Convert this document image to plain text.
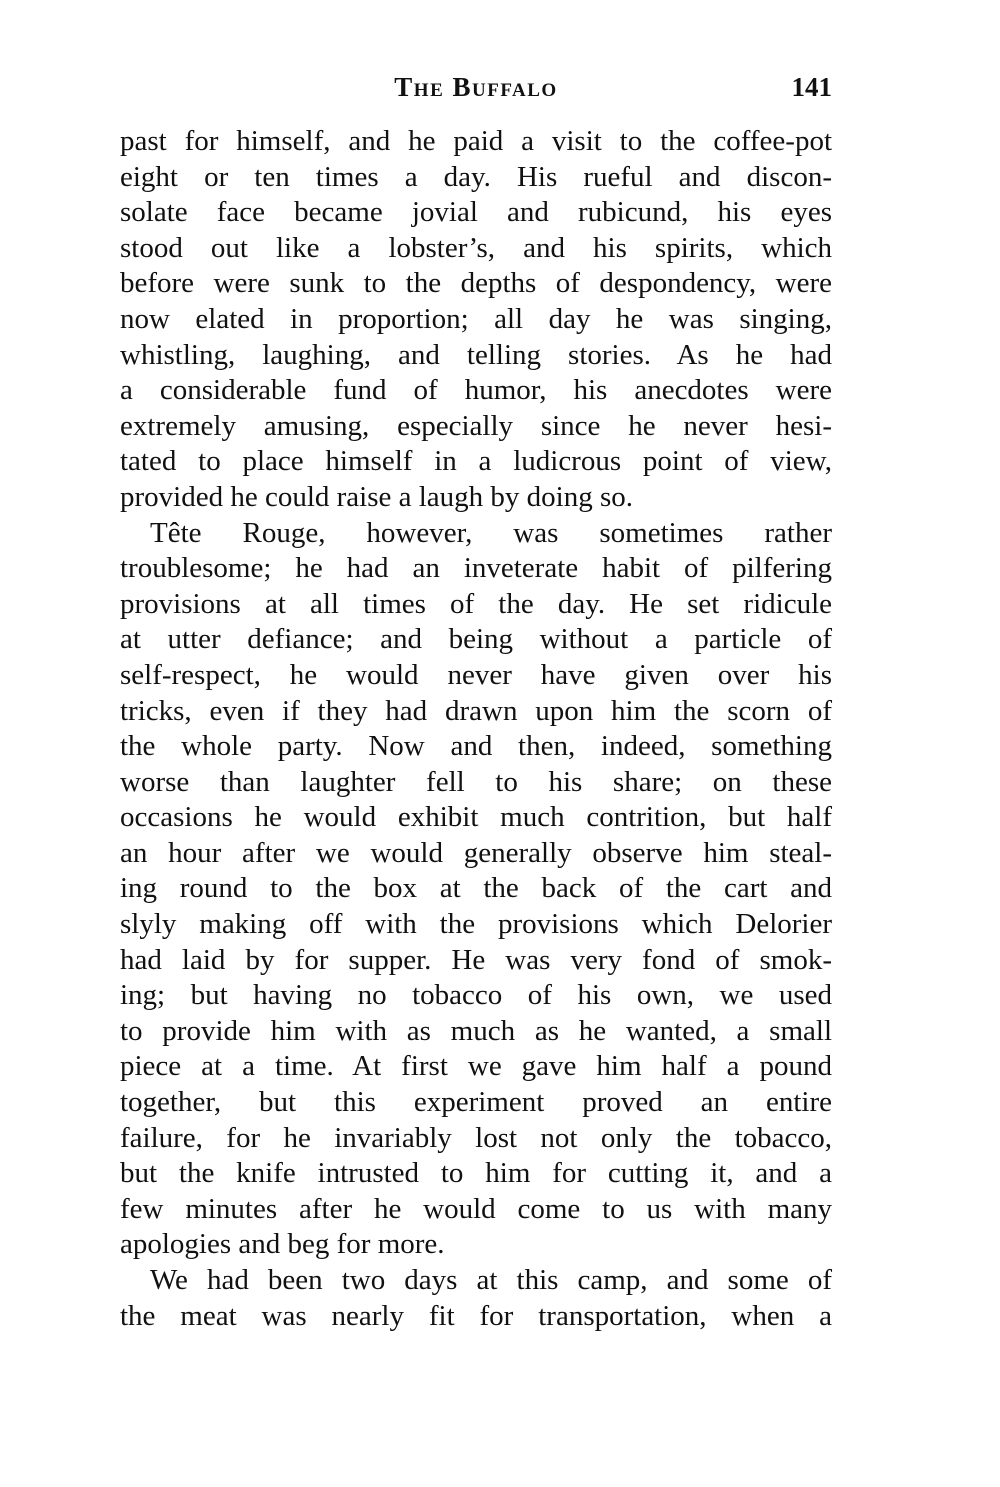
The Buffalo	141
past for himself, and he paid a visit to the coffee-pot
eight or ten times a day. His rueful and discon-
solate face became jovial and rubicund, his eyes
stood out like a lobster’s, and his spirits, which
before were sunk to the depths of despondency, were
now elated in proportion; all day he was singing,
whistling, laughing, and telling stories. As he had
a considerable fund of humor, his anecdotes were
extremely amusing, especially since he never hesi-
tated to place himself in a ludicrous point of view,
provided he could raise a laugh by doing so.
Tête Rouge, however, was sometimes rather
troublesome; he had an inveterate habit of pilfering
provisions at all times of the day. He set ridicule
at utter defiance; and being without a particle of
self-respect, he would never have given over his
tricks, even if they had drawn upon him the scorn of
the whole party. Now and then, indeed, something
worse than laughter fell to his share; on these
occasions he would exhibit much contrition, but half
an hour after we would generally observe him steal-
ing round to the box at the back of the cart and
slyly making off with the provisions which Delorier
had laid by for supper. He was very fond of smok-
ing; but having no tobacco of his own, we used
to provide him with as much as he wanted, a small
piece at a time. At first we gave him half a pound
together, but this experiment proved an entire
failure, for he invariably lost not only the tobacco,
but the knife intrusted to him for cutting it, and a
few minutes after he would come to us with many
apologies and beg for more.
We had been two days at this camp, and some of
the meat was nearly fit for transportation, when a
